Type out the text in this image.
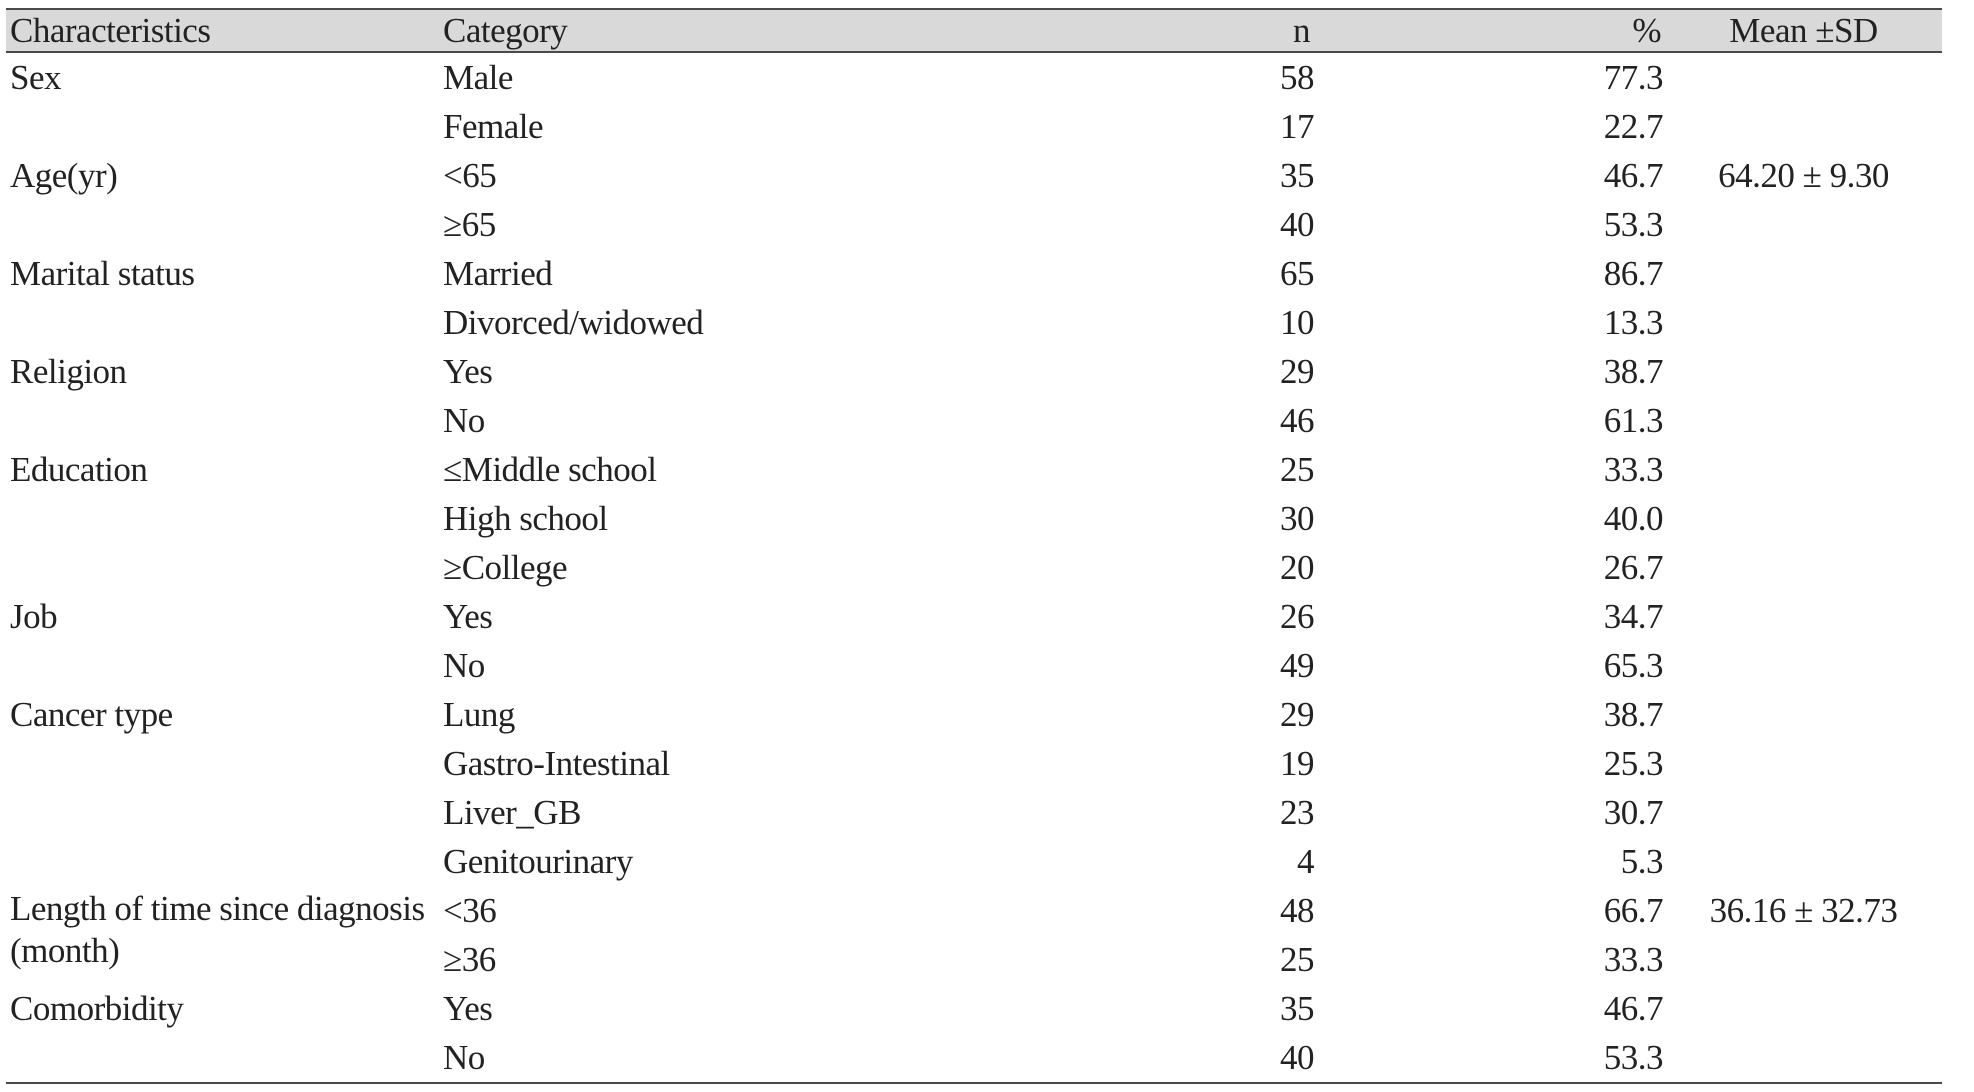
Characteristics	Category	n	%	Mean ±SD
Sex	Male	58	77.3	
	Female	17	22.7	
Age(yr)	<65	35	46.7	64.20 ± 9.30
	≥65	40	53.3	
Marital status	Married	65	86.7	
	Divorced/widowed	10	13.3	
Religion	Yes	29	38.7	
	No	46	61.3	
Education	≤Middle school	25	33.3	
	High school	30	40.0	
	≥College	20	26.7	
Job	Yes	26	34.7	
	No	49	65.3	
Cancer type	Lung	29	38.7	
	Gastro-Intestinal	19	25.3	
	Liver_GB	23	30.7	
	Genitourinary	4	5.3	
Length of time since diagnosis (month)	<36	48	66.7	36.16 ± 32.73
	≥36	25	33.3	
Comorbidity	Yes	35	46.7	
	No	40	53.3	
